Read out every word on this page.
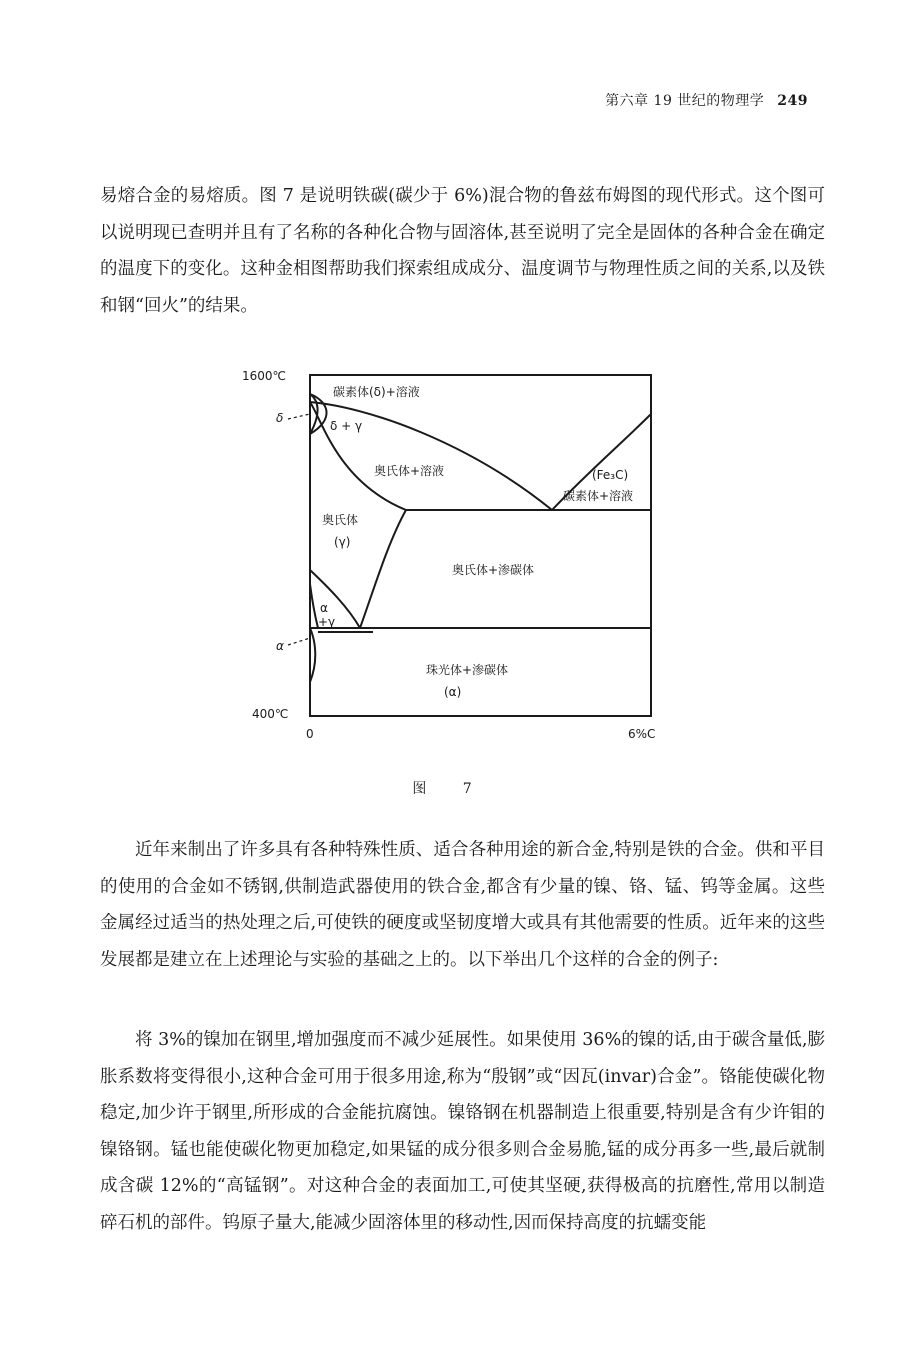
第六章 19 世纪的物理学 249

易熔合金的易熔质。图 7 是说明铁碳(碳少于 6%)混合物的鲁兹布姆图的现代形式。这个图可以说明现已查明并且有了名称的各种化合物与固溶体,甚至说明了完全是固体的各种合金在确定的温度下的变化。这种金相图帮助我们探索组成成分、温度调节与物理性质之间的关系,以及铁和钢“回火”的结果。

1600℃
400℃
0	6%C
δ
α
碳素体(δ)+溶液
δ + γ
奥氏体+溶液	(Fe₃C)
碳素体+溶液
奥氏体
(γ)
奥氏体+渗碳体
α
+γ
珠光体+渗碳体
(α)
图 7

近年来制出了许多具有各种特殊性质、适合各种用途的新合金,特别是铁的合金。供和平目的使用的合金如不锈钢,供制造武器使用的铁合金,都含有少量的镍、铬、锰、钨等金属。这些金属经过适当的热处理之后,可使铁的硬度或坚韧度增大或具有其他需要的性质。近年来的这些发展都是建立在上述理论与实验的基础之上的。以下举出几个这样的合金的例子:

将 3%的镍加在钢里,增加强度而不减少延展性。如果使用 36%的镍的话,由于碳含量低,膨胀系数将变得很小,这种合金可用于很多用途,称为“殷钢”或“因瓦(invar)合金”。铬能使碳化物稳定,加少许于钢里,所形成的合金能抗腐蚀。镍铬钢在机器制造上很重要,特别是含有少许钼的镍铬钢。锰也能使碳化物更加稳定,如果锰的成分很多则合金易脆,锰的成分再多一些,最后就制成含碳 12%的“高锰钢”。对这种合金的表面加工,可使其坚硬,获得极高的抗磨性,常用以制造碎石机的部件。钨原子量大,能减少固溶体里的移动性,因而保持高度的抗蠕变能
